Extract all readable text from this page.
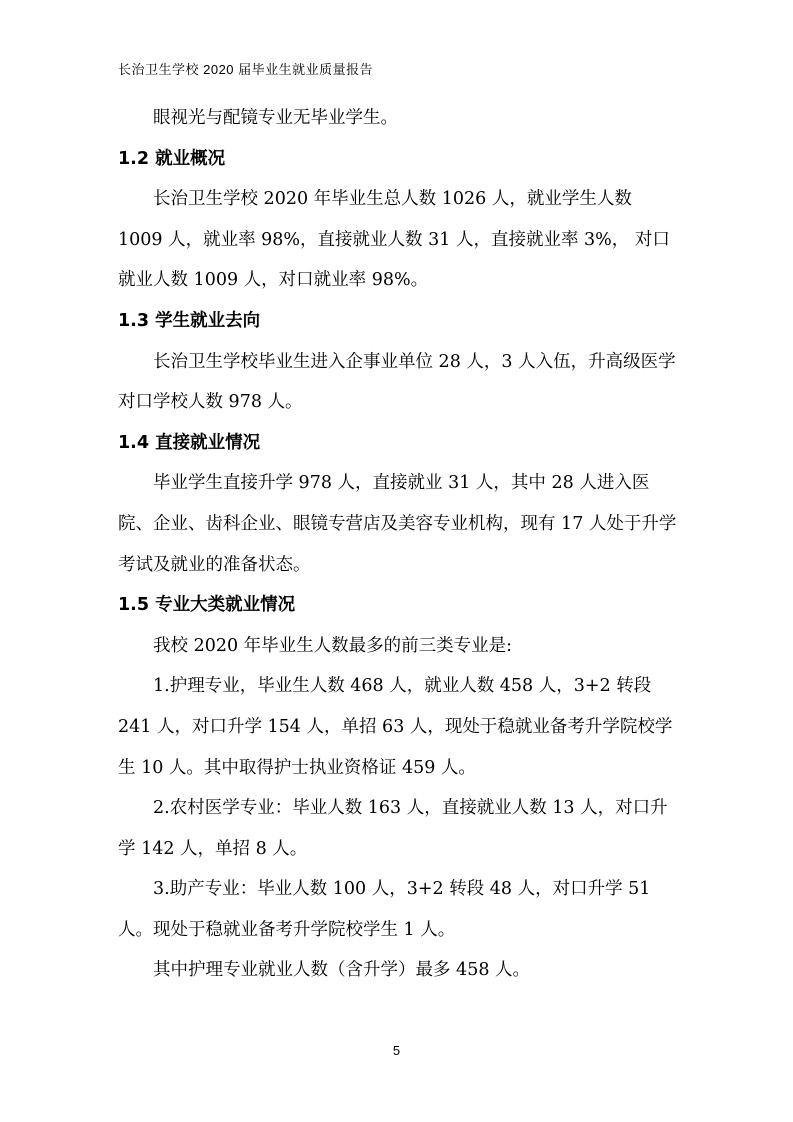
长治卫生学校 2020 届毕业生就业质量报告

眼视光与配镜专业无毕业学生。

1.2 就业概况

长治卫生学校 2020 年毕业生总人数 1026 人，就业学生人数 1009 人，就业率 98%，直接就业人数 31 人，直接就业率 3%， 对口就业人数 1009 人，对口就业率 98%。

1.3 学生就业去向

长治卫生学校毕业生进入企事业单位 28 人，3 人入伍，升高级医学对口学校人数 978 人。

1.4 直接就业情况

毕业学生直接升学 978 人，直接就业 31 人，其中 28 人进入医院、企业、齿科企业、眼镜专营店及美容专业机构，现有 17 人处于升学考试及就业的准备状态。

1.5 专业大类就业情况

我校 2020 年毕业生人数最多的前三类专业是:

1.护理专业，毕业生人数 468 人，就业人数 458 人，3+2 转段 241 人，对口升学 154 人，单招 63 人，现处于稳就业备考升学院校学生 10 人。其中取得护士执业资格证 459 人。

2.农村医学专业：毕业人数 163 人，直接就业人数 13 人，对口升学 142 人，单招 8 人。

3.助产专业：毕业人数 100 人，3+2 转段 48 人，对口升学 51 人。现处于稳就业备考升学院校学生 1 人。

其中护理专业就业人数（含升学）最多 458 人。

5
